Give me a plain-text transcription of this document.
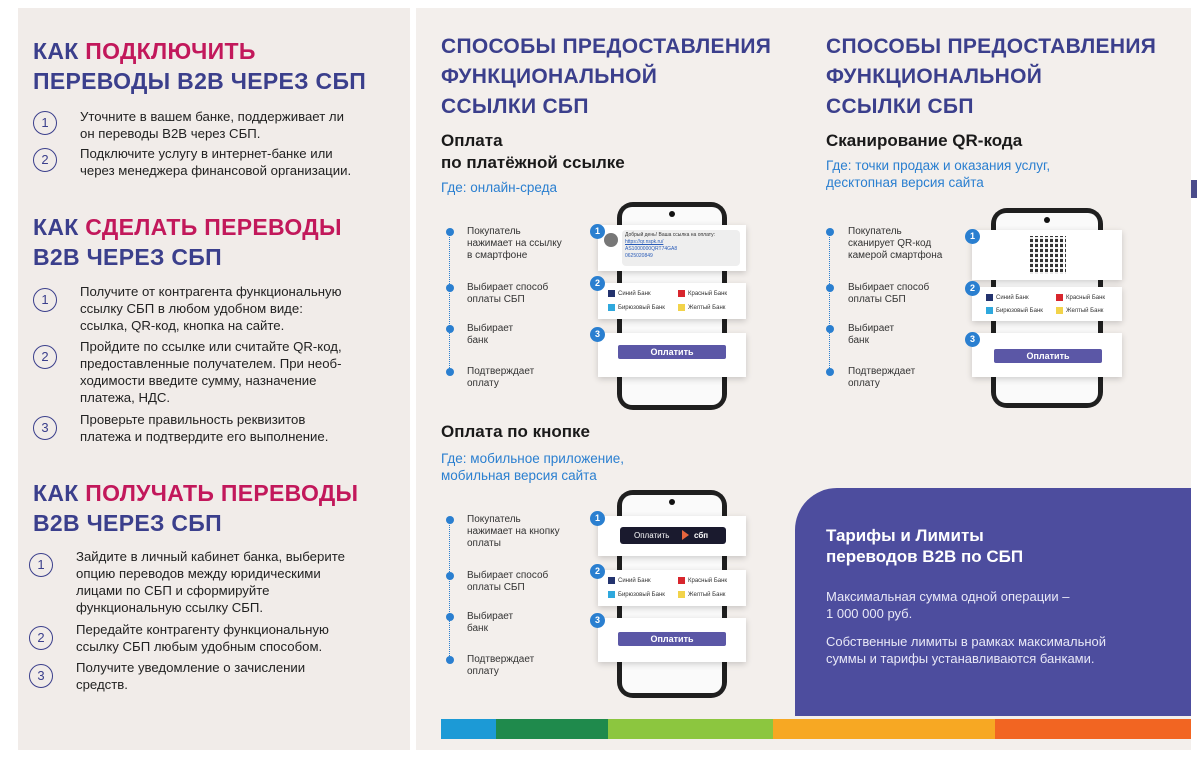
КАК ПОДКЛЮЧИТЬ
ПЕРЕВОДЫ В2В ЧЕРЕЗ СБП
1	Уточните в вашем банке, поддерживает ли
он переводы В2В через СБП.
2	Подключите услугу в интернет-банке или
через менеджера финансовой организации.
КАК СДЕЛАТЬ ПЕРЕВОДЫ
В2В ЧЕРЕЗ СБП
1
Получите от контрагента функциональную
ссылку СБП в любом удобном виде:
ссылка, QR-код, кнопка на сайте.
2
Пройдите по ссылке или считайте QR-код,
предоставленные получателем. При необ-
ходимости введите сумму, назначение
платежа, НДС.
3
Проверьте правильность реквизитов
платежа и подтвердите его выполнение.
КАК ПОЛУЧАТЬ ПЕРЕВОДЫ
В2В ЧЕРЕЗ СБП
1
Зайдите в личный кабинет банка, выберите
опцию переводов между юридическими
лицами по СБП и сформируйте
функциональную ссылку СБП.
2
Передайте контрагенту функциональную
ссылку СБП любым удобным способом.
3
Получите уведомление о зачислении
средств.
СПОСОБЫ ПРЕДОСТАВЛЕНИЯ
ФУНКЦИОНАЛЬНОЙ
ССЫЛКИ СБП
Оплата
по платёжной ссылке
Где: онлайн-среда
Покупатель
нажимает на ссылку
в смартфоне
Выбирает способ
оплаты СБП
Выбирает
банк
Подтверждает
оплату
Добрый день! Ваша ссылка на оплату:
https://qr.nspk.ru/
AS1000000QRT74GA8
0625020849
1
Синий Банк	Красный Банк
Бирюзовый Банк	Желтый Банк
2
Оплатить
3
Оплата по кнопке
Где: мобильное приложение,
мобильная версия сайта
Покупатель
нажимает на кнопку
оплаты
Выбирает способ
оплаты СБП
Выбирает
банк
Подтверждает
оплату
Оплатить	сбп
1
Синий Банк	Красный Банк
Бирюзовый Банк	Желтый Банк
2
Оплатить
3
СПОСОБЫ ПРЕДОСТАВЛЕНИЯ
ФУНКЦИОНАЛЬНОЙ
ССЫЛКИ СБП
Сканирование QR-кода
Где: точки продаж и оказания услуг,
десктопная версия сайта
Покупатель
сканирует QR-код
камерой смартфона
Выбирает способ
оплаты СБП
Выбирает
банк
Подтверждает
оплату
1
Синий Банк	Красный Банк
Бирюзовый Банк	Желтый Банк
2
Оплатить
3
Тарифы и Лимиты
переводов В2В по СБП
Максимальная сумма одной операции –
1 000 000 руб.
Собственные лимиты в рамках максимальной
суммы и тарифы устанавливаются банками.
